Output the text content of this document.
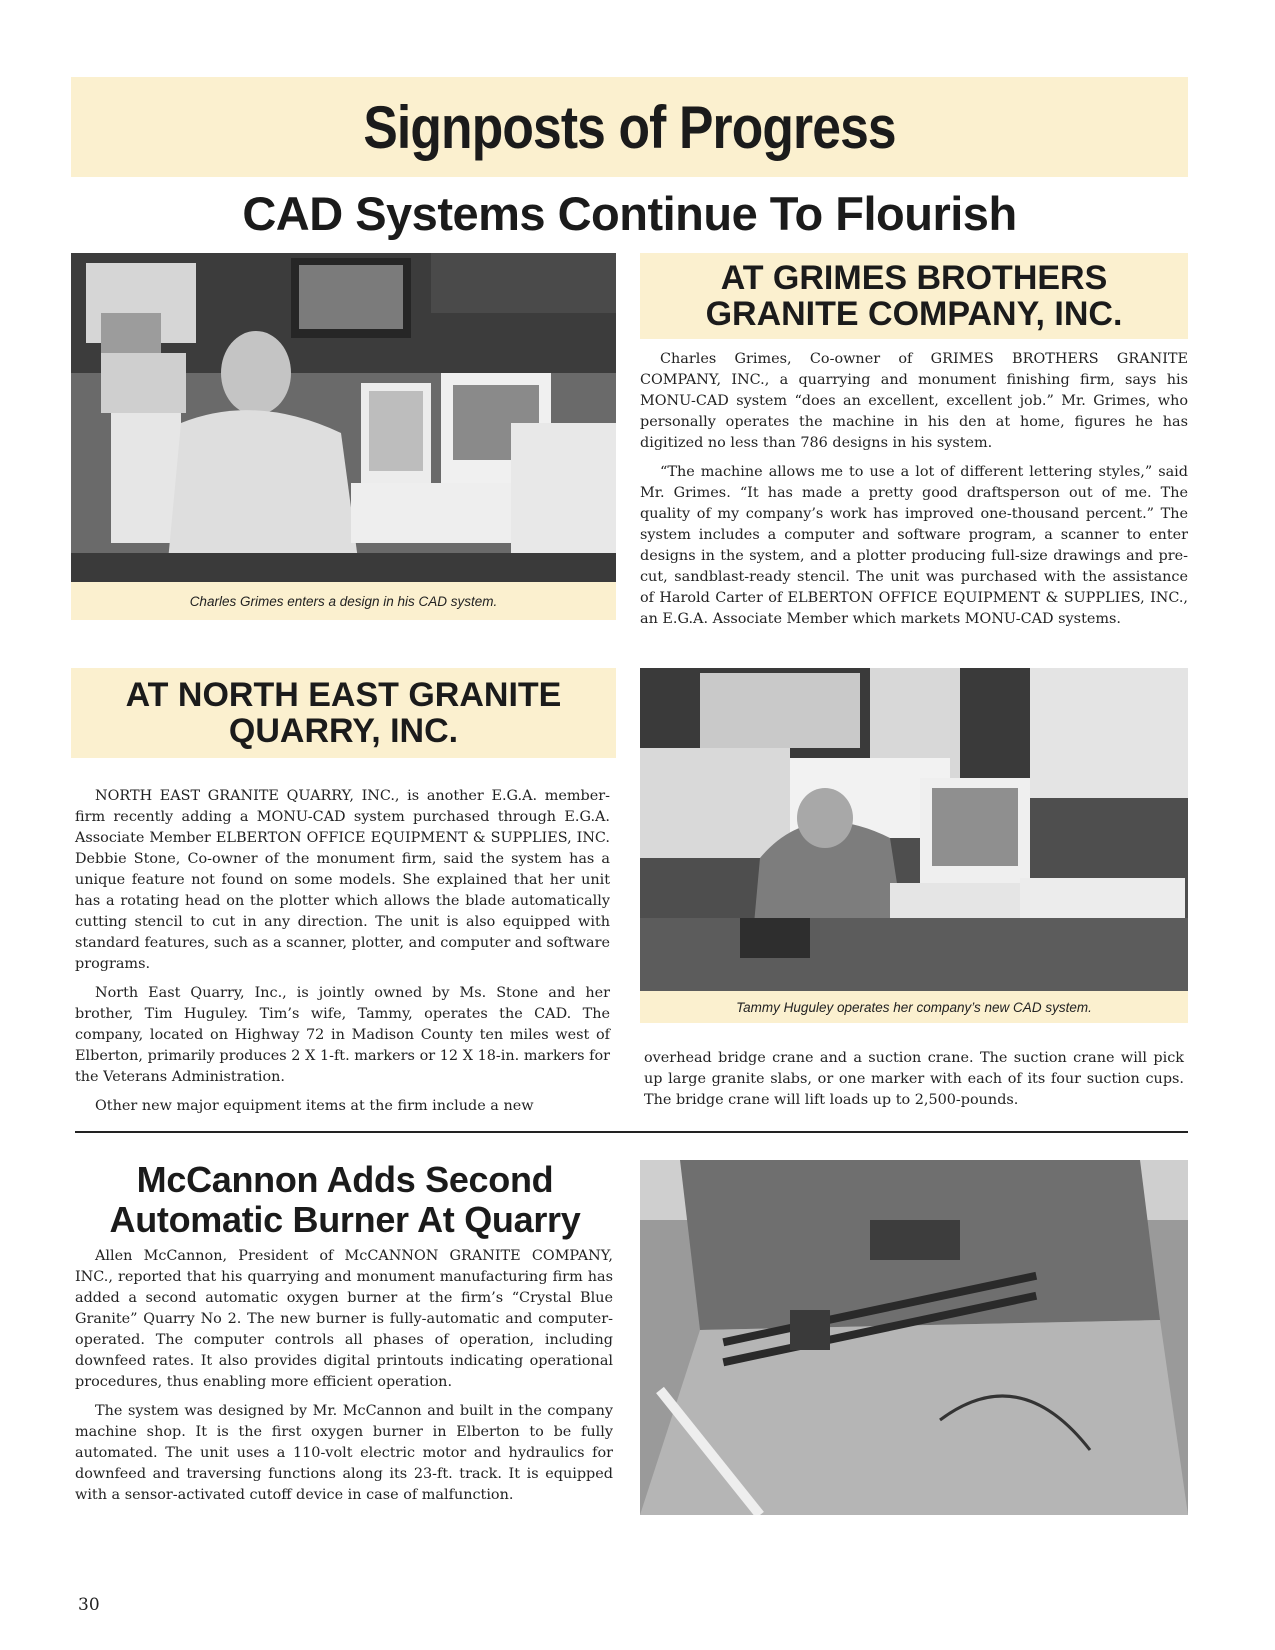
Signposts of Progress
CAD Systems Continue To Flourish
Charles Grimes enters a design in his CAD system.
AT GRIMES BROTHERS
GRANITE COMPANY, INC.

Charles Grimes, Co-owner of GRIMES BROTHERS GRANITE COMPANY, INC., a quarrying and monument finishing firm, says his MONU-CAD system “does an excellent, excellent job.” Mr. Grimes, who personally operates the machine in his den at home, figures he has digitized no less than 786 designs in his system.

“The machine allows me to use a lot of different lettering styles,” said Mr. Grimes. “It has made a pretty good draftsperson out of me. The quality of my company’s work has improved one-thousand percent.” The system includes a computer and software program, a scanner to enter designs in the system, and a plotter producing full-size drawings and pre-cut, sandblast-ready stencil. The unit was purchased with the assistance of Harold Carter of ELBERTON OFFICE EQUIPMENT & SUPPLIES, INC., an E.G.A. Associate Member which markets MONU-CAD systems.

AT NORTH EAST GRANITE
QUARRY, INC.

NORTH EAST GRANITE QUARRY, INC., is another E.G.A. member-firm recently adding a MONU-CAD system purchased through E.G.A. Associate Member ELBERTON OFFICE EQUIPMENT & SUPPLIES, INC. Debbie Stone, Co-owner of the monument firm, said the system has a unique feature not found on some models. She explained that her unit has a rotating head on the plotter which allows the blade automatically cutting stencil to cut in any direction. The unit is also equipped with standard features, such as a scanner, plotter, and computer and software programs.

North East Quarry, Inc., is jointly owned by Ms. Stone and her brother, Tim Huguley. Tim’s wife, Tammy, operates the CAD. The company, located on Highway 72 in Madison County ten miles west of Elberton, primarily produces 2 X 1-ft. markers or 12 X 18-in. markers for the Veterans Administration.

Other new major equipment items at the firm include a new

Tammy Huguley operates her company’s new CAD system.

overhead bridge crane and a suction crane. The suction crane will pick up large granite slabs, or one marker with each of its four suction cups. The bridge crane will lift loads up to 2,500-pounds.

McCannon Adds Second
Automatic Burner At Quarry

Allen McCannon, President of McCANNON GRANITE COMPANY, INC., reported that his quarrying and monument manufacturing firm has added a second automatic oxygen burner at the firm’s “Crystal Blue Granite” Quarry No 2. The new burner is fully-automatic and computer-operated. The computer controls all phases of operation, including downfeed rates. It also provides digital printouts indicating operational procedures, thus enabling more efficient operation.

The system was designed by Mr. McCannon and built in the company machine shop. It is the first oxygen burner in Elberton to be fully automated. The unit uses a 110-volt electric motor and hydraulics for downfeed and traversing functions along its 23-ft. track. It is equipped with a sensor-activated cutoff device in case of malfunction.

30
